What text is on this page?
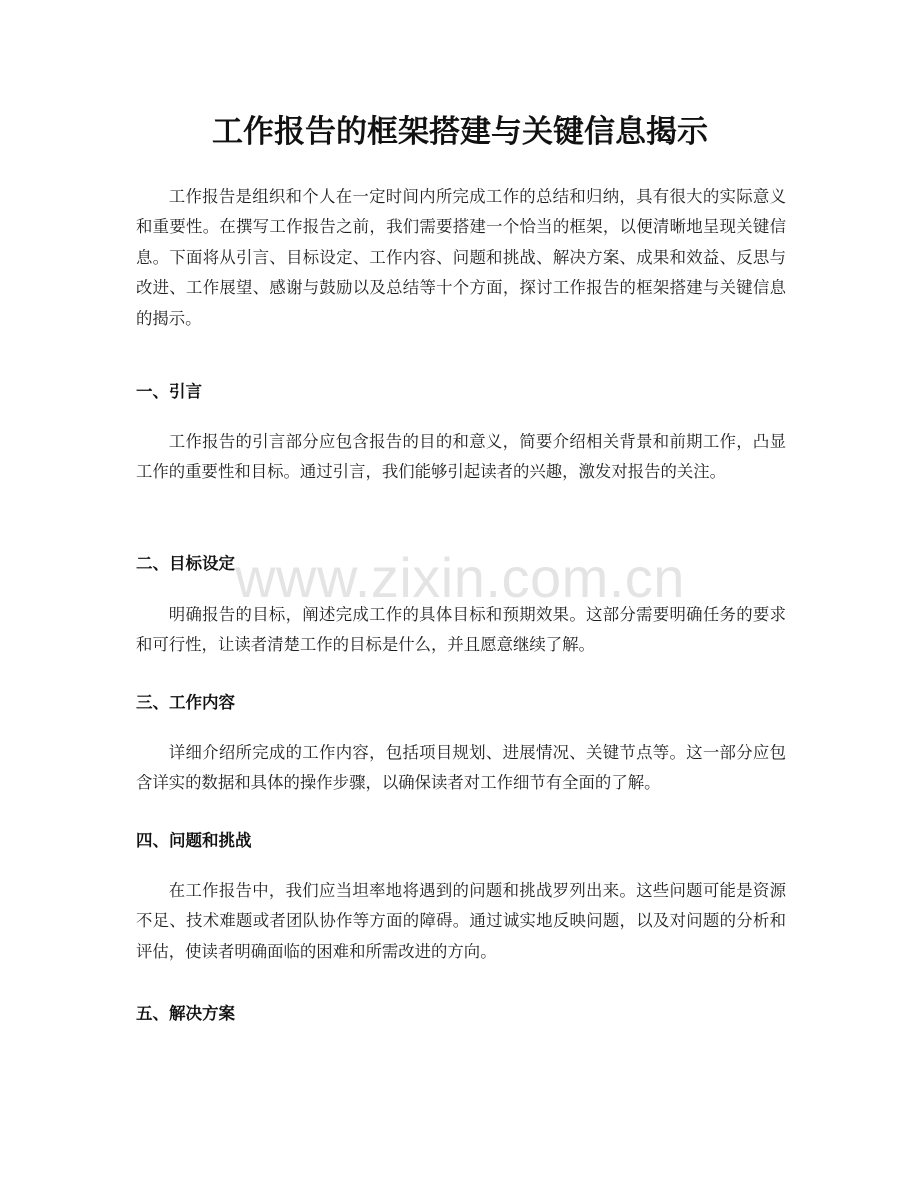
工作报告的框架搭建与关键信息揭示

工作报告是组织和个人在一定时间内所完成工作的总结和归纳，具有很大的实际意义和重要性。在撰写工作报告之前，我们需要搭建一个恰当的框架，以便清晰地呈现关键信息。下面将从引言、目标设定、工作内容、问题和挑战、解决方案、成果和效益、反思与改进、工作展望、感谢与鼓励以及总结等十个方面，探讨工作报告的框架搭建与关键信息的揭示。

一、引言

工作报告的引言部分应包含报告的目的和意义，简要介绍相关背景和前期工作，凸显工作的重要性和目标。通过引言，我们能够引起读者的兴趣，激发对报告的关注。

二、目标设定

明确报告的目标，阐述完成工作的具体目标和预期效果。这部分需要明确任务的要求和可行性，让读者清楚工作的目标是什么，并且愿意继续了解。

三、工作内容

详细介绍所完成的工作内容，包括项目规划、进展情况、关键节点等。这一部分应包含详实的数据和具体的操作步骤，以确保读者对工作细节有全面的了解。

四、问题和挑战

在工作报告中，我们应当坦率地将遇到的问题和挑战罗列出来。这些问题可能是资源不足、技术难题或者团队协作等方面的障碍。通过诚实地反映问题，以及对问题的分析和评估，使读者明确面临的困难和所需改进的方向。

五、解决方案
www.zixin.com.cn
